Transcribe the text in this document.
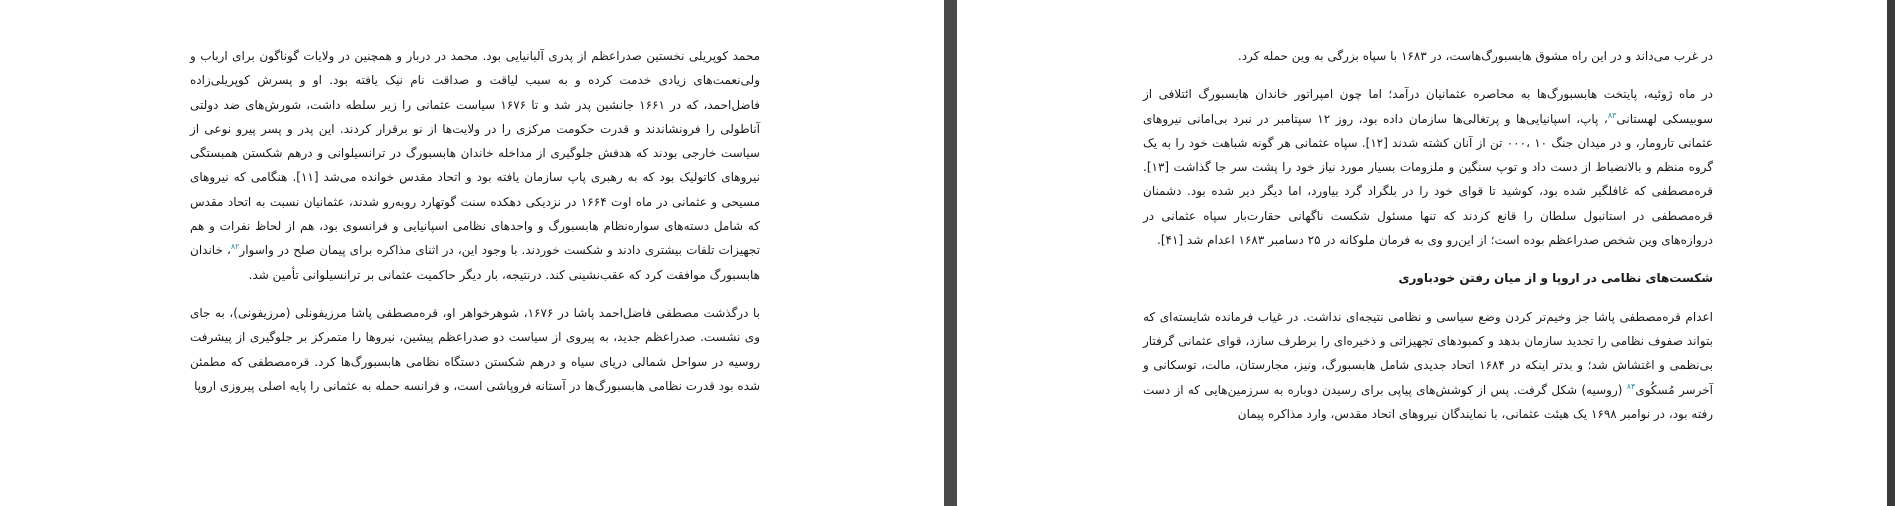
محمد کوپریلی نخستین صدراعظم از پدری آلبانیایی بود. محمد در دربار و همچنین در ولایات گوناگون برای ارباب و ولی‌نعمت‌های زیادی خدمت کرده و به سبب لیاقت و صداقت نام نیک یافته بود. او و پسرش کوپریلی‌زاده فاضل‌احمد، که در ۱۶۶۱ جانشین پدر شد و تا ۱۶۷۶ سیاست عثمانی را زیر سلطه داشت، شورش‌های ضد دولتی آناطولی را فرونشاندند و قدرت حکومت مرکزی را در ولایت‌ها از نو برقرار کردند. این پدر و پسر پیرو نوعی از سیاست خارجی بودند که هدفش جلوگیری از مداخله خاندان هابسبورگ در ترانسیلوانی و درهم شکستن همبستگی نیروهای کاتولیک بود که به رهبری پاپ سازمان یافته بود و اتحاد مقدس خوانده می‌شد [۱۱]. هنگامی که نیروهای مسیحی و عثمانی در ماه اوت ۱۶۶۴ در نزدیکی دهکده سنت گوتهارد روبه‌رو شدند، عثمانیان نسبت به اتحاد مقدس که شامل دسته‌های سواره‌نظام هابسبورگ و واحدهای نظامی اسپانیایی و فرانسوی بود، هم از لحاظ نفرات و هم تجهیزات تلفات بیشتری دادند و شکست خوردند. با وجود این، در اثنای مذاکره برای پیمان صلح در واسوار$^{۸۲}$، خاندان هابسبورگ موافقت کرد که عقب‌نشینی کند. درنتیجه، بار دیگر حاکمیت عثمانی بر ترانسیلوانی تأمین شد.

با درگذشت مصطفی فاضل‌احمد پاشا در ۱۶۷۶، شوهرخواهر او، قره‌مصطفی پاشا مرزیفونلی (مرزیفونی)، به جای وی نشست. صدراعظم جدید، به پیروی از سیاست دو صدراعظم پیشین، نیروها را متمرکز بر جلوگیری از پیشرفت روسیه در سواحل شمالی دریای سیاه و درهم شکستن دستگاه نظامی هابسبورگ‌ها کرد. قره‌مصطفی که مطمئن شده بود قدرت نظامی هابسبورگ‌ها در آستانه فروپاشی است، و فرانسه حمله به عثمانی را پایه اصلی پیروزی اروپا

در غرب می‌داند و در این راه مشوق هابسبورگ‌هاست، در ۱۶۸۳ با سپاه بزرگی به وین حمله کرد.

در ماه ژوئیه، پایتخت هابسبورگ‌ها به محاصره عثمانیان درآمد؛ اما چون امپراتور خاندان هابسبورگ ائتلافی از سوبیسکی لهستانی$^{۸۳}$، پاپ، اسپانیایی‌ها و پرتغالی‌ها سازمان داده بود، روز ۱۲ سپتامبر در نبرد بی‌امانی نیروهای عثمانی تارومار، و در میدان جنگ ۱۰ ،۰۰۰ تن از آنان کشته شدند [۱۲]. سپاه عثمانی هر گونه شباهت خود را به یک گروه منظم و بالانضباط از دست داد و توپ سنگین و ملزومات بسیار مورد نیاز خود را پشت سر جا گذاشت [۱۳]. قره‌مصطفی که غافلگیر شده بود، کوشید تا قوای خود را در بلگراد گرد بیاورد، اما دیگر دیر شده بود. دشمنان قره‌مصطفی در استانبول سلطان را قانع کردند که تنها مسئول شکست ناگهانی حقارت‌بار سپاه عثمانی در دروازه‌های وین شخص صدراعظم بوده است؛ از این‌رو وی به فرمان ملوکانه در ۲۵ دسامبر ۱۶۸۳ اعدام شد [۴۱].

شکست‌های نظامی در اروپا و از میان رفتن خودباوری

اعدام قره‌مصطفی پاشا جز وخیم‌تر کردن وضع سیاسی و نظامی نتیجه‌ای نداشت. در غیاب فرمانده شایسته‌ای که بتواند صفوف نظامی را تجدید سازمان بدهد و کمبودهای تجهیزاتی و ذخیره‌ای را برطرف سازد، قوای عثمانی گرفتار بی‌نظمی و اغتشاش شد؛ و بدتر اینکه در ۱۶۸۴ اتحاد جدیدی شامل هابسبورگ، ونیز، مجارستان، مالت، توسکانی و آخرسر مُسکُوی$^{۸۴}$ (روسیه) شکل گرفت. پس از کوشش‌های پیاپی برای رسیدن دوباره به سرزمین‌هایی که از دست رفته بود، در نوامبر ۱۶۹۸ یک هیئت عثمانی، با نمایندگان نیروهای اتحاد مقدس، وارد مذاکره پیمان
